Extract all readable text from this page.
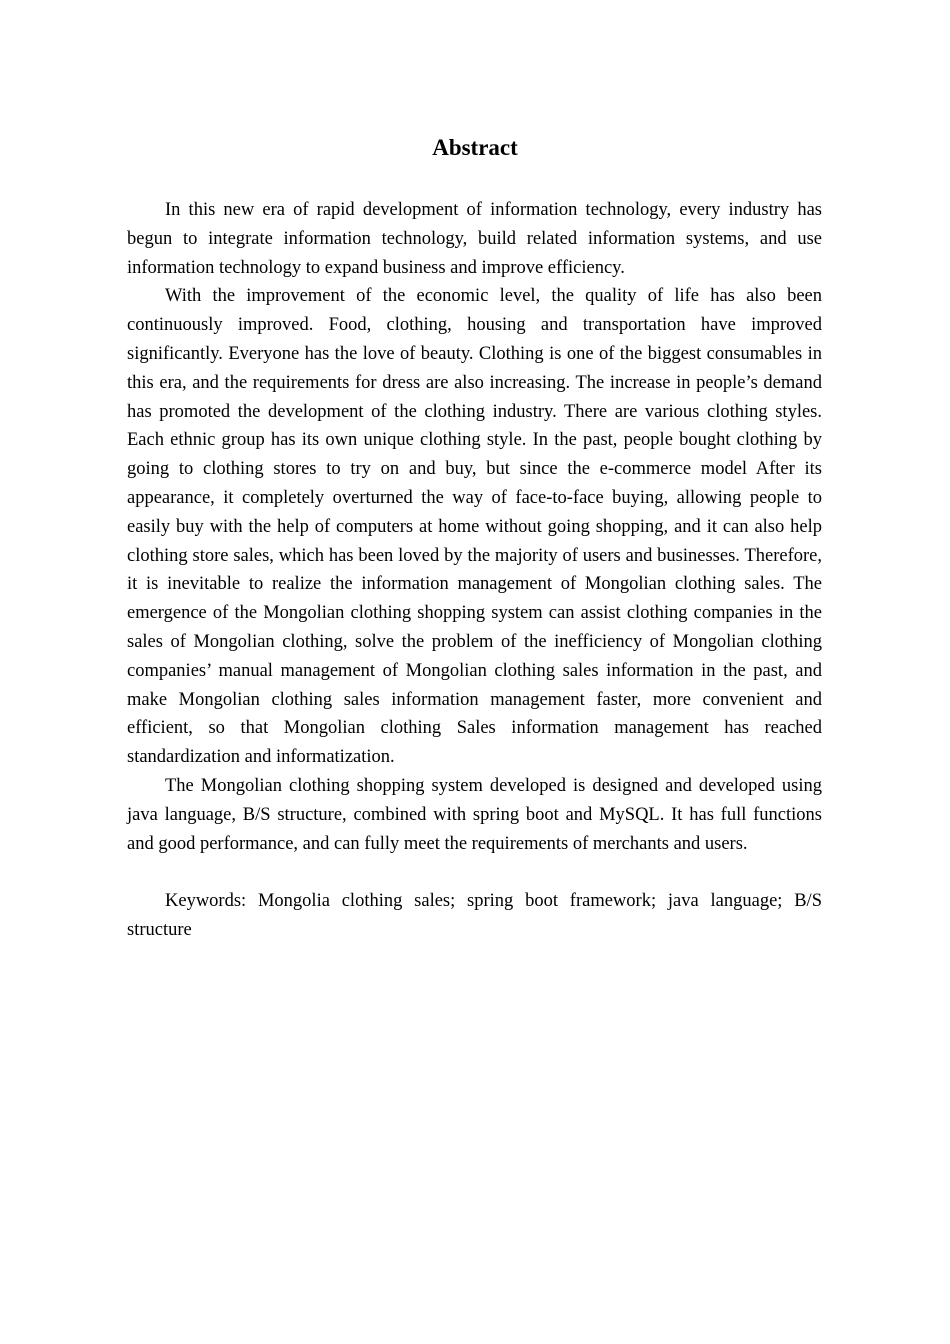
Abstract

In this new era of rapid development of information technology, every industry has begun to integrate information technology, build related information systems, and use information technology to expand business and improve efficiency.

With the improvement of the economic level, the quality of life has also been continuously improved. Food, clothing, housing and transportation have improved significantly. Everyone has the love of beauty. Clothing is one of the biggest consumables in this era, and the requirements for dress are also increasing. The increase in people’s demand has promoted the development of the clothing industry. There are various clothing styles. Each ethnic group has its own unique clothing style. In the past, people bought clothing by going to clothing stores to try on and buy, but since the e-commerce model After its appearance, it completely overturned the way of face-to-face buying, allowing people to easily buy with the help of computers at home without going shopping, and it can also help clothing store sales, which has been loved by the majority of users and businesses. Therefore, it is inevitable to realize the information management of Mongolian clothing sales. The emergence of the Mongolian clothing shopping system can assist clothing companies in the sales of Mongolian clothing, solve the problem of the inefficiency of Mongolian clothing companies’ manual management of Mongolian clothing sales information in the past, and make Mongolian clothing sales information management faster, more convenient and efficient, so that Mongolian clothing Sales information management has reached standardization and informatization.

The Mongolian clothing shopping system developed is designed and developed using java language, B/S structure, combined with spring boot and MySQL. It has full functions and good performance, and can fully meet the requirements of merchants and users.

Keywords: Mongolia clothing sales; spring boot framework; java language; B/S structure
